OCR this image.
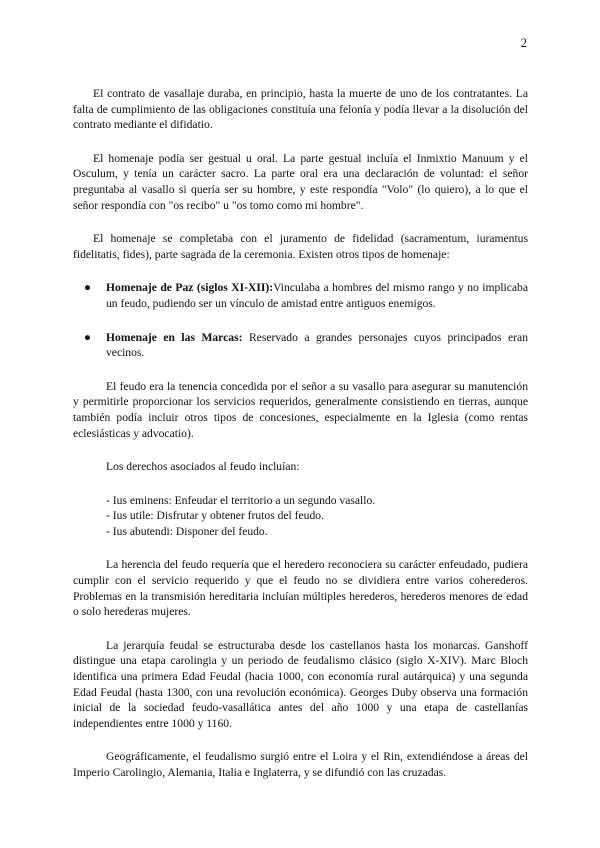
2

El contrato de vasallaje duraba, en principio, hasta la muerte de uno de los contratantes. La falta de cumplimiento de las obligaciones constituía una felonía y podía llevar a la disolución del contrato mediante el difidatio.

El homenaje podía ser gestual u oral. La parte gestual incluía el Inmixtio Manuum y el Osculum, y tenía un carácter sacro. La parte oral era una declaración de voluntad: el señor preguntaba al vasallo si quería ser su hombre, y este respondía "Volo" (lo quiero), a lo que el señor respondía con "os recibo" u "os tomo como mi hombre".

El homenaje se completaba con el juramento de fidelidad (sacramentum, iuramentus fidelitatis, fides), parte sagrada de la ceremonia. Existen otros tipos de homenaje:

● Homenaje de Paz (siglos XI-XII):Vinculaba a hombres del mismo rango y no implicaba un feudo, pudiendo ser un vínculo de amistad entre antiguos enemigos.
● Homenaje en las Marcas: Reservado a grandes personajes cuyos principados eran vecinos.

El feudo era la tenencia concedida por el señor a su vasallo para asegurar su manutención y permitirle proporcionar los servicios requeridos, generalmente consistiendo en tierras, aunque también podía incluir otros tipos de concesiones, especialmente en la Iglesia (como rentas eclesiásticas y advocatio).

Los derechos asociados al feudo incluían:

- Ius eminens: Enfeudar el territorio a un segundo vasallo.
- Ius utile: Disfrutar y obtener frutos del feudo.
- Ius abutendi: Disponer del feudo.

La herencia del feudo requería que el heredero reconociera su carácter enfeudado, pudiera cumplir con el servicio requerido y que el feudo no se dividiera entre varios coherederos. Problemas en la transmisión hereditaria incluían múltiples herederos, herederos menores de edad o solo herederas mujeres.

La jerarquía feudal se estructuraba desde los castellanos hasta los monarcas. Ganshoff distingue una etapa carolingia y un periodo de feudalismo clásico (siglo X-XIV). Marc Bloch identifica una primera Edad Feudal (hacia 1000, con economía rural autárquica) y una segunda Edad Feudal (hasta 1300, con una revolución económica). Georges Duby observa una formación inicial de la sociedad feudo-vasallática antes del año 1000 y una etapa de castellanías independientes entre 1000 y 1160.

Geográficamente, el feudalismo surgió entre el Loira y el Rin, extendiéndose a áreas del Imperio Carolingio, Alemania, Italia e Inglaterra, y se difundió con las cruzadas.
